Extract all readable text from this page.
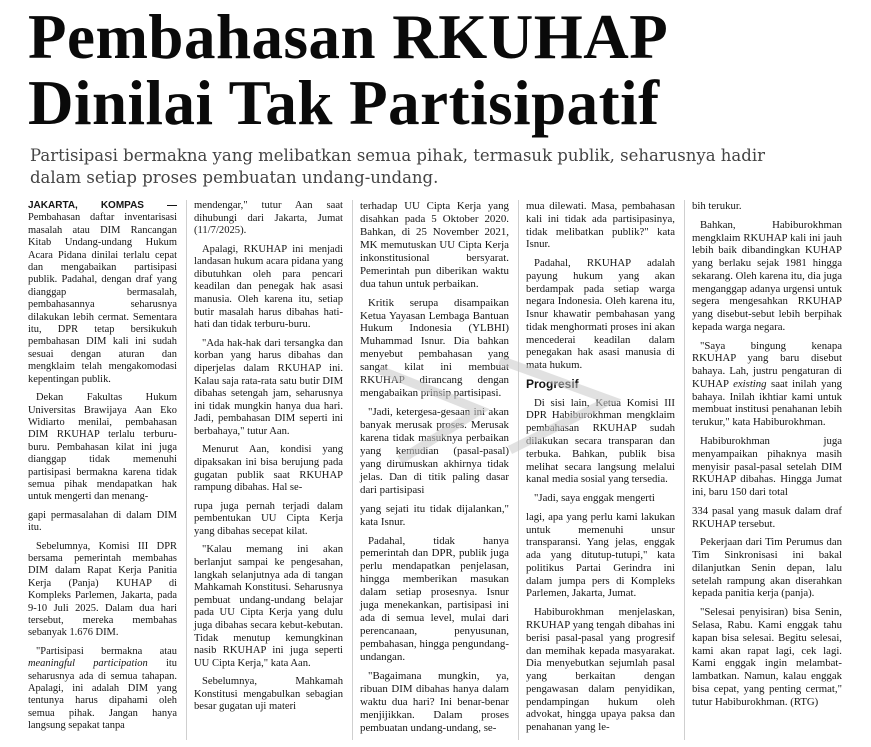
Pembahasan RKUHAP
Dinilai Tak Partisipatif
Partisipasi bermakna yang melibatkan semua pihak, termasuk publik, seharusnya hadir
dalam setiap proses pembuatan undang-undang.

JAKARTA, KOMPAS — Pembahasan daftar inventarisasi masalah atau DIM Rancangan Kitab Undang-undang Hukum Acara Pidana dinilai terlalu cepat dan mengabaikan partisipasi publik. Padahal, dengan draf yang dianggap bermasalah, pembahasannya seharusnya dilakukan lebih cermat. Sementara itu, DPR tetap bersikukuh pembahasan DIM kali ini sudah sesuai dengan aturan dan mengklaim telah mengakomodasi kepentingan publik.

Dekan Fakultas Hukum Universitas Brawijaya Aan Eko Widiarto menilai, pembahasan DIM RKUHAP terlalu terburu-buru. Pembahasan kilat ini juga dianggap tidak memenuhi partisipasi bermakna karena tidak semua pihak mendapatkan hak untuk mengerti dan menang-

gapi permasalahan di dalam DIM itu.

Sebelumnya, Komisi III DPR bersama pemerintah membahas DIM dalam Rapat Kerja Panitia Kerja (Panja) KUHAP di Kompleks Parlemen, Jakarta, pada 9-10 Juli 2025. Dalam dua hari tersebut, mereka membahas sebanyak 1.676 DIM.

"Partisipasi bermakna atau meaningful participation itu seharusnya ada di semua tahapan. Apalagi, ini adalah DIM yang tentunya harus dipahami oleh semua pihak. Jangan hanya langsung sepakat tanpa

mendengar," tutur Aan saat dihubungi dari Jakarta, Jumat (11/7/2025).

Apalagi, RKUHAP ini menjadi landasan hukum acara pidana yang dibutuhkan oleh para pencari keadilan dan penegak hak asasi manusia. Oleh karena itu, setiap butir masalah harus dibahas hati-hati dan tidak terburu-buru.

"Ada hak-hak dari tersangka dan korban yang harus dibahas dan diperjelas dalam RKUHAP ini. Kalau saja rata-rata satu butir DIM dibahas setengah jam, seharusnya ini tidak mungkin hanya dua hari. Jadi, pembahasan DIM seperti ini berbahaya," tutur Aan.

Menurut Aan, kondisi yang dipaksakan ini bisa berujung pada gugatan publik saat RKUHAP rampung dibahas. Hal se-

rupa juga pernah terjadi dalam pembentukan UU Cipta Kerja yang dibahas secepat kilat.

"Kalau memang ini akan berlanjut sampai ke pengesahan, langkah selanjutnya ada di tangan Mahkamah Konstitusi. Seharusnya pembuat undang-undang belajar pada UU Cipta Kerja yang dulu juga dibahas secara kebut-kebutan. Tidak menutup kemungkinan nasib RKUHAP ini juga seperti UU Cipta Kerja," kata Aan.

Sebelumnya, Mahkamah Konstitusi mengabulkan sebagian besar gugatan uji materi

terhadap UU Cipta Kerja yang disahkan pada 5 Oktober 2020. Bahkan, di 25 November 2021, MK memutuskan UU Cipta Kerja inkonstitusional bersyarat. Pemerintah pun diberikan waktu dua tahun untuk perbaikan.

Kritik serupa disampaikan Ketua Yayasan Lembaga Bantuan Hukum Indonesia (YLBHI) Muhammad Isnur. Dia bahkan menyebut pembahasan yang sangat kilat ini membuat RKUHAP dirancang dengan mengabaikan prinsip partisipasi.

"Jadi, ketergesa-gesaan ini akan banyak merusak proses. Merusak karena tidak masuknya perbaikan yang kemudian (pasal-pasal) yang dirumuskan akhirnya tidak jelas. Dan di titik paling dasar dari partisipasi

yang sejati itu tidak dijalankan," kata Isnur.

Padahal, tidak hanya pemerintah dan DPR, publik juga perlu mendapatkan penjelasan, hingga memberikan masukan dalam setiap prosesnya. Isnur juga menekankan, partisipasi ini ada di semua level, mulai dari perencanaan, penyusunan, pembahasan, hingga pengundang-undangan.

"Bagaimana mungkin, ya, ribuan DIM dibahas hanya dalam waktu dua hari? Ini benar-benar menjijikkan. Dalam proses pembuatan undang-undang, se-

mua dilewati. Masa, pembahasan kali ini tidak ada partisipasinya, tidak melibatkan publik?" kata Isnur.

Padahal, RKUHAP adalah payung hukum yang akan berdampak pada setiap warga negara Indonesia. Oleh karena itu, Isnur khawatir pembahasan yang tidak menghormati proses ini akan mencederai keadilan dalam penegakan hak asasi manusia di mata hukum.

Progresif

Di sisi lain, Ketua Komisi III DPR Habiburokhman mengklaim pembahasan RKUHAP sudah dilakukan secara transparan dan terbuka. Bahkan, publik bisa melihat secara langsung melalui kanal media sosial yang tersedia.

"Jadi, saya enggak mengerti

lagi, apa yang perlu kami lakukan untuk memenuhi unsur transparansi. Yang jelas, enggak ada yang ditutup-tutupi," kata politikus Partai Gerindra ini dalam jumpa pers di Kompleks Parlemen, Jakarta, Jumat.

Habiburokhman menjelaskan, RKUHAP yang tengah dibahas ini berisi pasal-pasal yang progresif dan memihak kepada masyarakat. Dia menyebutkan sejumlah pasal yang berkaitan dengan pengawasan dalam penyidikan, pendampingan hukum oleh advokat, hingga upaya paksa dan penahanan yang le-

bih terukur.

Bahkan, Habiburokhman mengklaim RKUHAP kali ini jauh lebih baik dibandingkan KUHAP yang berlaku sejak 1981 hingga sekarang. Oleh karena itu, dia juga menganggap adanya urgensi untuk segera mengesahkan RKUHAP yang disebut-sebut lebih berpihak kepada warga negara.

"Saya bingung kenapa RKUHAP yang baru disebut bahaya. Lah, justru pengaturan di KUHAP existing saat inilah yang bahaya. Inilah ikhtiar kami untuk membuat institusi penahanan lebih terukur," kata Habiburokhman.

Habiburokhman juga menyampaikan pihaknya masih menyisir pasal-pasal setelah DIM RKUHAP dibahas. Hingga Jumat ini, baru 150 dari total

334 pasal yang masuk dalam draf RKUHAP tersebut.

Pekerjaan dari Tim Perumus dan Tim Sinkronisasi ini bakal dilanjutkan Senin depan, lalu setelah rampung akan diserahkan kepada panitia kerja (panja).

"Selesai penyisiran) bisa Senin, Selasa, Rabu. Kami enggak tahu kapan bisa selesai. Begitu selesai, kami akan rapat lagi, cek lagi. Kami enggak ingin melambat-lambatkan. Namun, kalau enggak bisa cepat, yang penting cermat," tutur Habiburokhman. (RTG)
